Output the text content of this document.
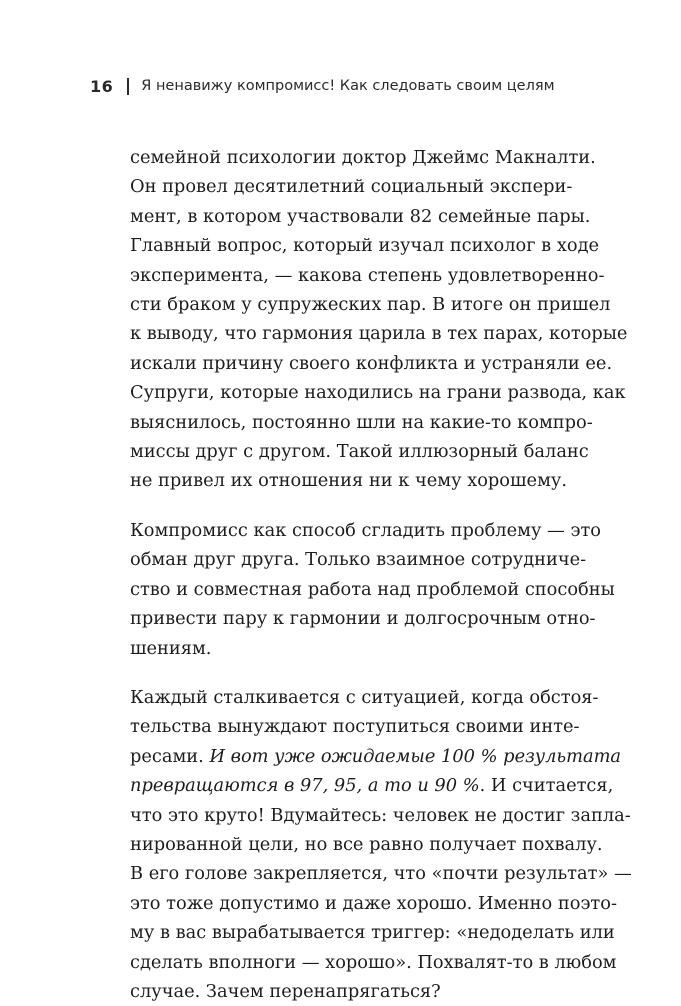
16 Я ненавижу компромисс! Как следовать своим целям

семейной психологии доктор Джеймс Макналти.
Он провел десятилетний социальный экспери-
мент, в котором участвовали 82 семейные пары.
Главный вопрос, который изучал психолог в ходе
эксперимента, — какова степень удовлетворенно-
сти браком у супружеских пар. В итоге он пришел
к выводу, что гармония царила в тех парах, которые
искали причину своего конфликта и устраняли ее.
Супруги, которые находились на грани развода, как
выяснилось, постоянно шли на какие-то компро-
миссы друг с другом. Такой иллюзорный баланс
не привел их отношения ни к чему хорошему.

Компромисс как способ сгладить проблему — это
обман друг друга. Только взаимное сотрудниче-
ство и совместная работа над проблемой способны
привести пару к гармонии и долгосрочным отно-
шениям.

Каждый сталкивается с ситуацией, когда обстоя-
тельства вынуждают поступиться своими инте-
ресами. И вот уже ожидаемые 100 % результата
превращаются в 97, 95, а то и 90 %. И считается,
что это круто! Вдумайтесь: человек не достиг запла-
нированной цели, но все равно получает похвалу.
В его голове закрепляется, что «почти результат» —
это тоже допустимо и даже хорошо. Именно поэто-
му в вас вырабатывается триггер: «недоделать или
сделать вполноги — хорошо». Похвалят-то в любом
случае. Зачем перенапрягаться?
